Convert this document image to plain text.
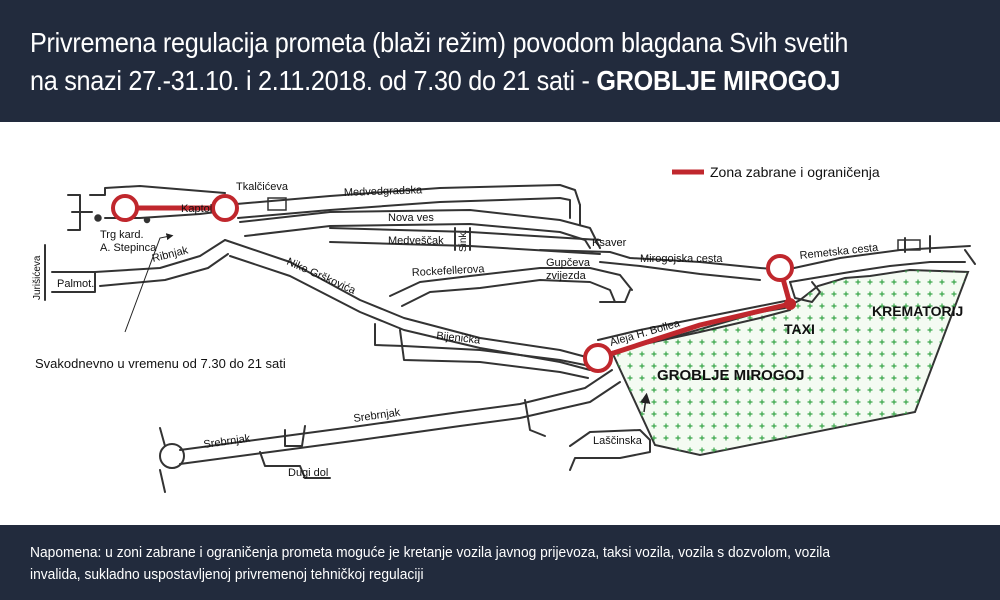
Privremena regulacija prometa (blaži režim) povodom blagdana Svih svetih
na snazi 27.-31.10. i 2.11.2018. od 7.30 do 21 sati - GROBLJE MIROGOJ
Zona zabrane i ograničenja
Tkalčićeva	Medvedgradska
Kaptol
Nova ves
Medveščak Sink.	Ksaver
Mirogojska cesta	Remetska cesta
Trg kard.
A. Stepinca
Ribnjak
Jurišićeva Palmot.	Nike Grškovića	Rockefellerova
Gupčeva
zvijezda
Bijenička	Aleja H. Bollea
Srebrnjak
Srebrnjak
Dugi dol
Laščinska
GROBLJE MIROGOJ
KREMATORIJ
TAXI
Svakodnevno u vremenu od 7.30 do 21 sati

Napomena: u zoni zabrane i ograničenja prometa moguće je kretanje vozila javnog prijevoza, taksi vozila, vozila s dozvolom, vozila

invalida, sukladno uspostavljenoj privremenoj tehničkoj regulaciji
